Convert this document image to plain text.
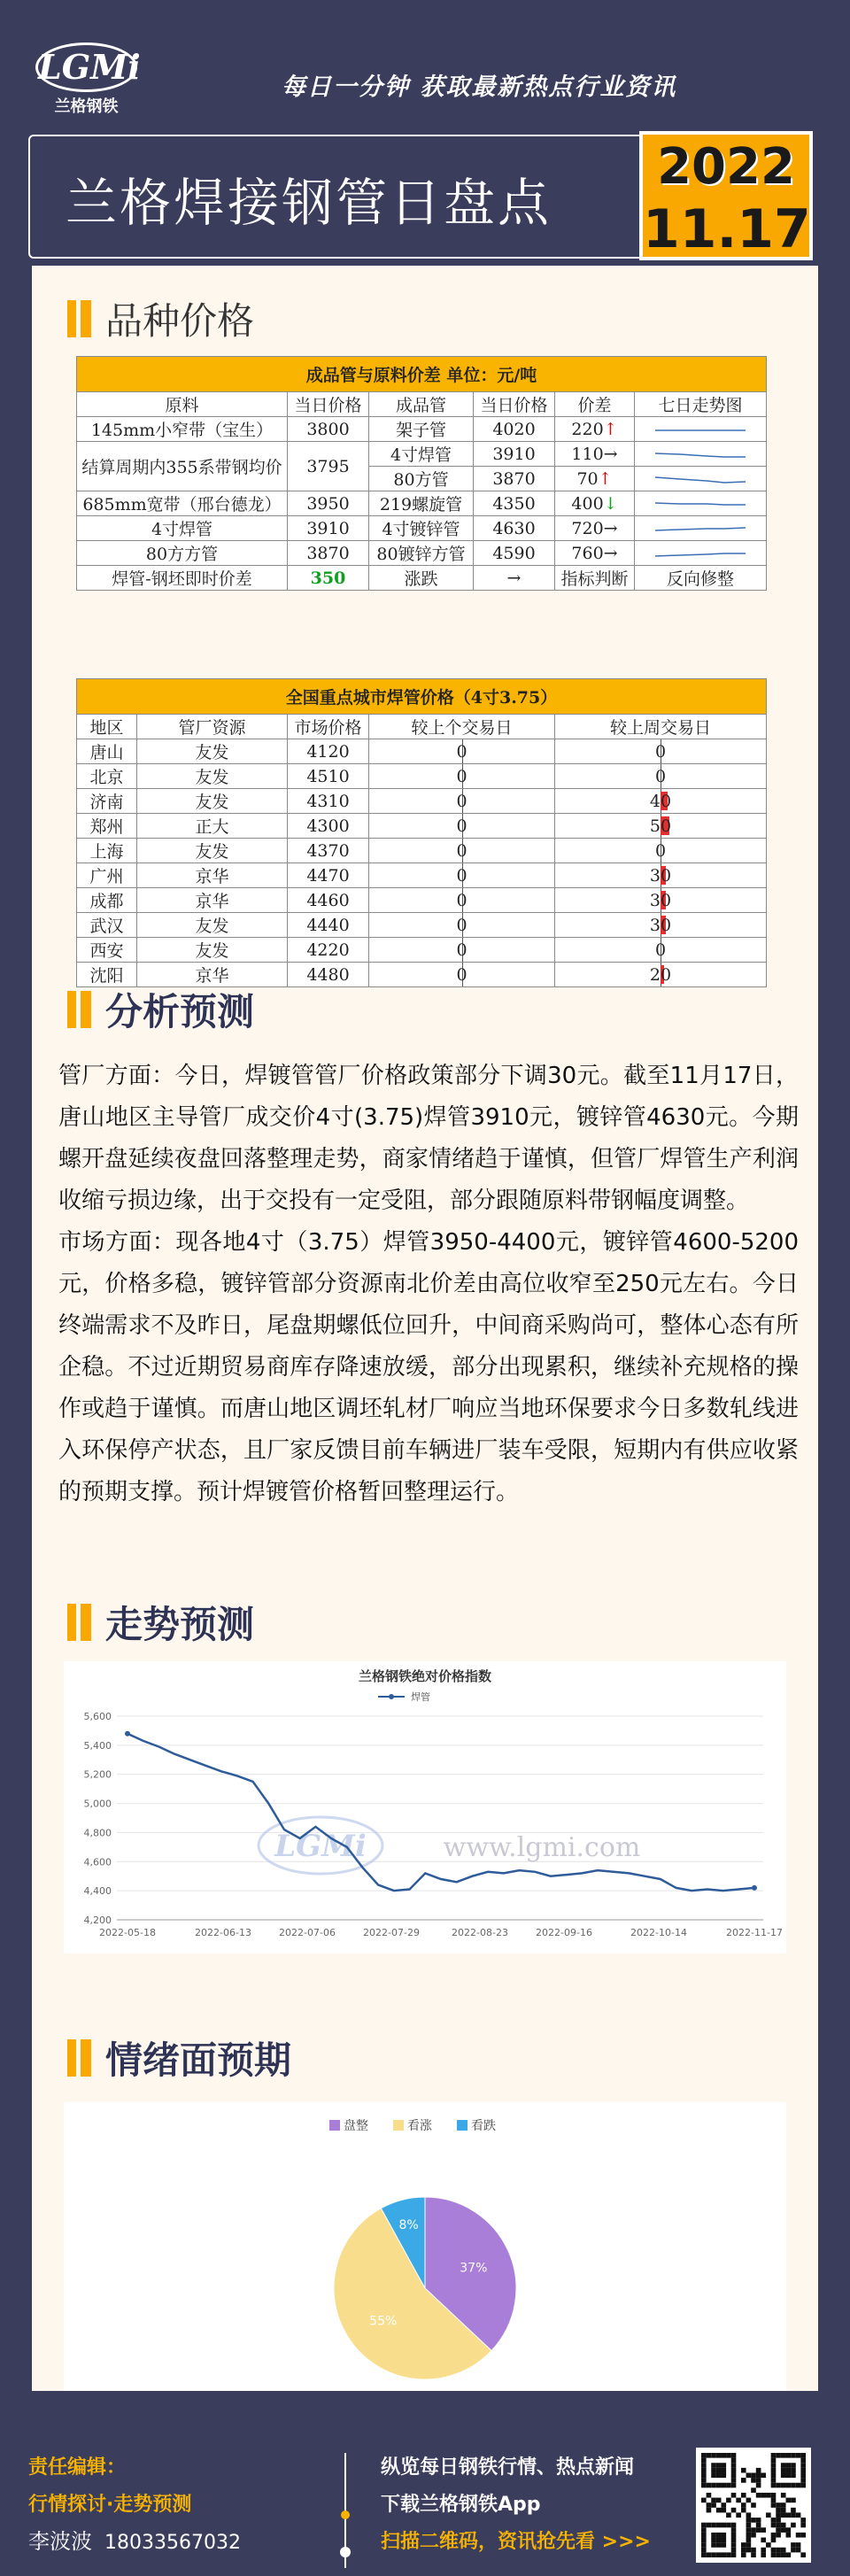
LGMi
兰格钢铁
每日一分钟 获取最新热点行业资讯
兰格焊接钢管日盘点
2022
11.17
品种价格
成品管与原料价差 单位：元/吨					
原料	当日价格	成品管	当日价格	价差	七日走势图
145mm小窄带（宝生）	3800	架子管	4020	220↑	
结算周期内355系带钢均价	3795	4寸焊管	3910	110→	
		80方管	3870	70↑	
685mm宽带（邢台德龙）	3950	219螺旋管	4350	400↓	
4寸焊管	3910	4寸镀锌管	4630	720→	
80方方管	3870	80镀锌方管	4590	760→	
焊管-钢坯即时价差	350	涨跌	→	指标判断	反向修整
全国重点城市焊管价格（4寸3.75）				
地区	管厂资源	市场价格	较上个交易日	较上周交易日
唐山	友发	4120	0	0
北京	友发	4510	0	0
济南	友发	4310	0	40
郑州	正大	4300	0	50
上海	友发	4370	0	0
广州	京华	4470	0	30
成都	京华	4460	0	30
武汉	友发	4440	0	30
西安	友发	4220	0	0
沈阳	京华	4480	0	20
分析预测

管厂方面：今日，焊镀管管厂价格政策部分下调30元。截至11月17日，唐山地区主导管厂成交价4寸(3.75)焊管3910元，镀锌管4630元。今期螺开盘延续夜盘回落整理走势，商家情绪趋于谨慎，但管厂焊管生产利润收缩亏损边缘，出于交投有一定受阻，部分跟随原料带钢幅度调整。

市场方面：现各地4寸（3.75）焊管3950-4400元，镀锌管4600-5200元，价格多稳，镀锌管部分资源南北价差由高位收窄至250元左右。今日终端需求不及昨日，尾盘期螺低位回升，中间商采购尚可，整体心态有所企稳。不过近期贸易商库存降速放缓，部分出现累积，继续补充规格的操作或趋于谨慎。而唐山地区调坯轧材厂响应当地环保要求今日多数轧线进入环保停产状态，且厂家反馈目前车辆进厂装车受限，短期内有供应收紧的预期支撑。预计焊镀管价格暂回整理运行。

走势预测
兰格钢铁绝对价格指数
焊管
5,600
5,400
5,200
5,000
4,800
4,600
4,400
4,200
2022-05-18	2022-06-13	2022-07-06	2022-07-29	2022-08-23	2022-09-16	2022-10-14	2022-11-17
LGMi	www.lgmi.com
情绪面预期
盘整	看涨	看跌
37%
55%
8%
责任编辑：
行情探讨·走势预测
李波波 18033567032
纵览每日钢铁行情、热点新闻
下载兰格钢铁App
扫描二维码，资讯抢先看 >>>
